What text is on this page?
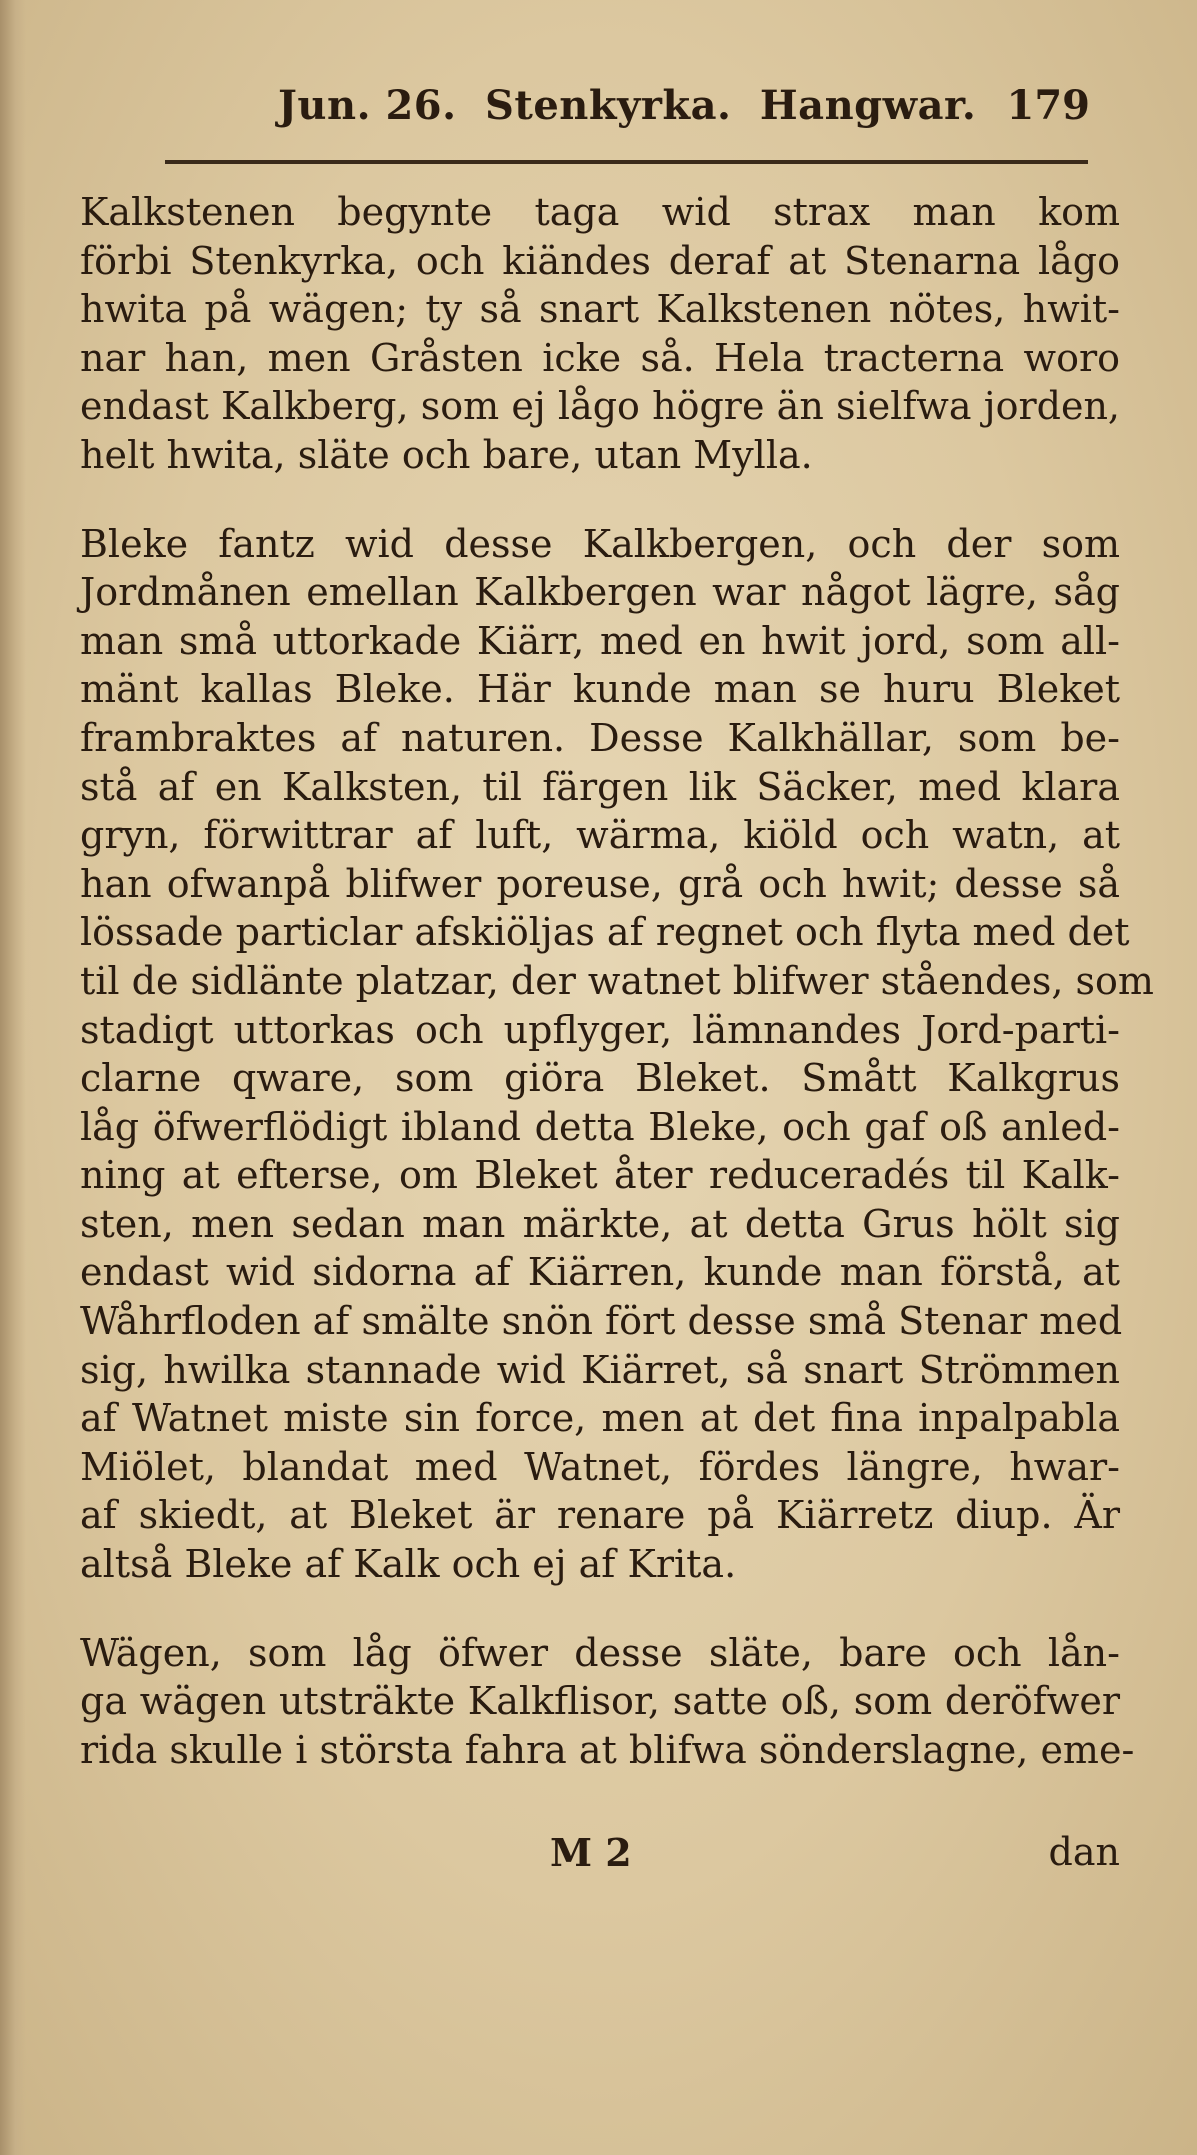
Jun. 26. Stenkyrka. Hangwar. 179
Kalkstenen begynte taga wid strax man kom
förbi Stenkyrka, och kiändes deraf at Stenarna lågo
hwita på wägen; ty så snart Kalkstenen nötes, hwit-
nar han, men Gråsten icke så. Hela tracterna woro
endast Kalkberg, som ej lågo högre än sielfwa jorden,
helt hwita, släte och bare, utan Mylla.
Bleke fantz wid desse Kalkbergen, och der som
Jordmånen emellan Kalkbergen war något lägre, såg
man små uttorkade Kiärr, med en hwit jord, som all-
mänt kallas Bleke. Här kunde man se huru Bleket
frambraktes af naturen. Desse Kalkhällar, som be-
stå af en Kalksten, til färgen lik Säcker, med klara
gryn, förwittrar af luft, wärma, kiöld och watn, at
han ofwanpå blifwer poreuse, grå och hwit; desse så
lössade particlar afskiöljas af regnet och flyta med det
til de sidlänte platzar, der watnet blifwer ståendes, som
stadigt uttorkas och upflyger, lämnandes Jord-parti-
clarne qware, som giöra Bleket. Smått Kalkgrus
låg öfwerflödigt ibland detta Bleke, och gaf oß anled-
ning at efterse, om Bleket åter reduceradés til Kalk-
sten, men sedan man märkte, at detta Grus hölt sig
endast wid sidorna af Kiärren, kunde man förstå, at
Wåhrfloden af smälte snön fört desse små Stenar med
sig, hwilka stannade wid Kiärret, så snart Strömmen
af Watnet miste sin force, men at det fina inpalpabla
Miölet, blandat med Watnet, fördes längre, hwar-
af skiedt, at Bleket är renare på Kiärretz diup. Är
altså Bleke af Kalk och ej af Krita.
Wägen, som låg öfwer desse släte, bare och lån-
ga wägen utsträkte Kalkflisor, satte oß, som deröfwer
rida skulle i största fahra at blifwa sönderslagne, eme-
M 2	dan
